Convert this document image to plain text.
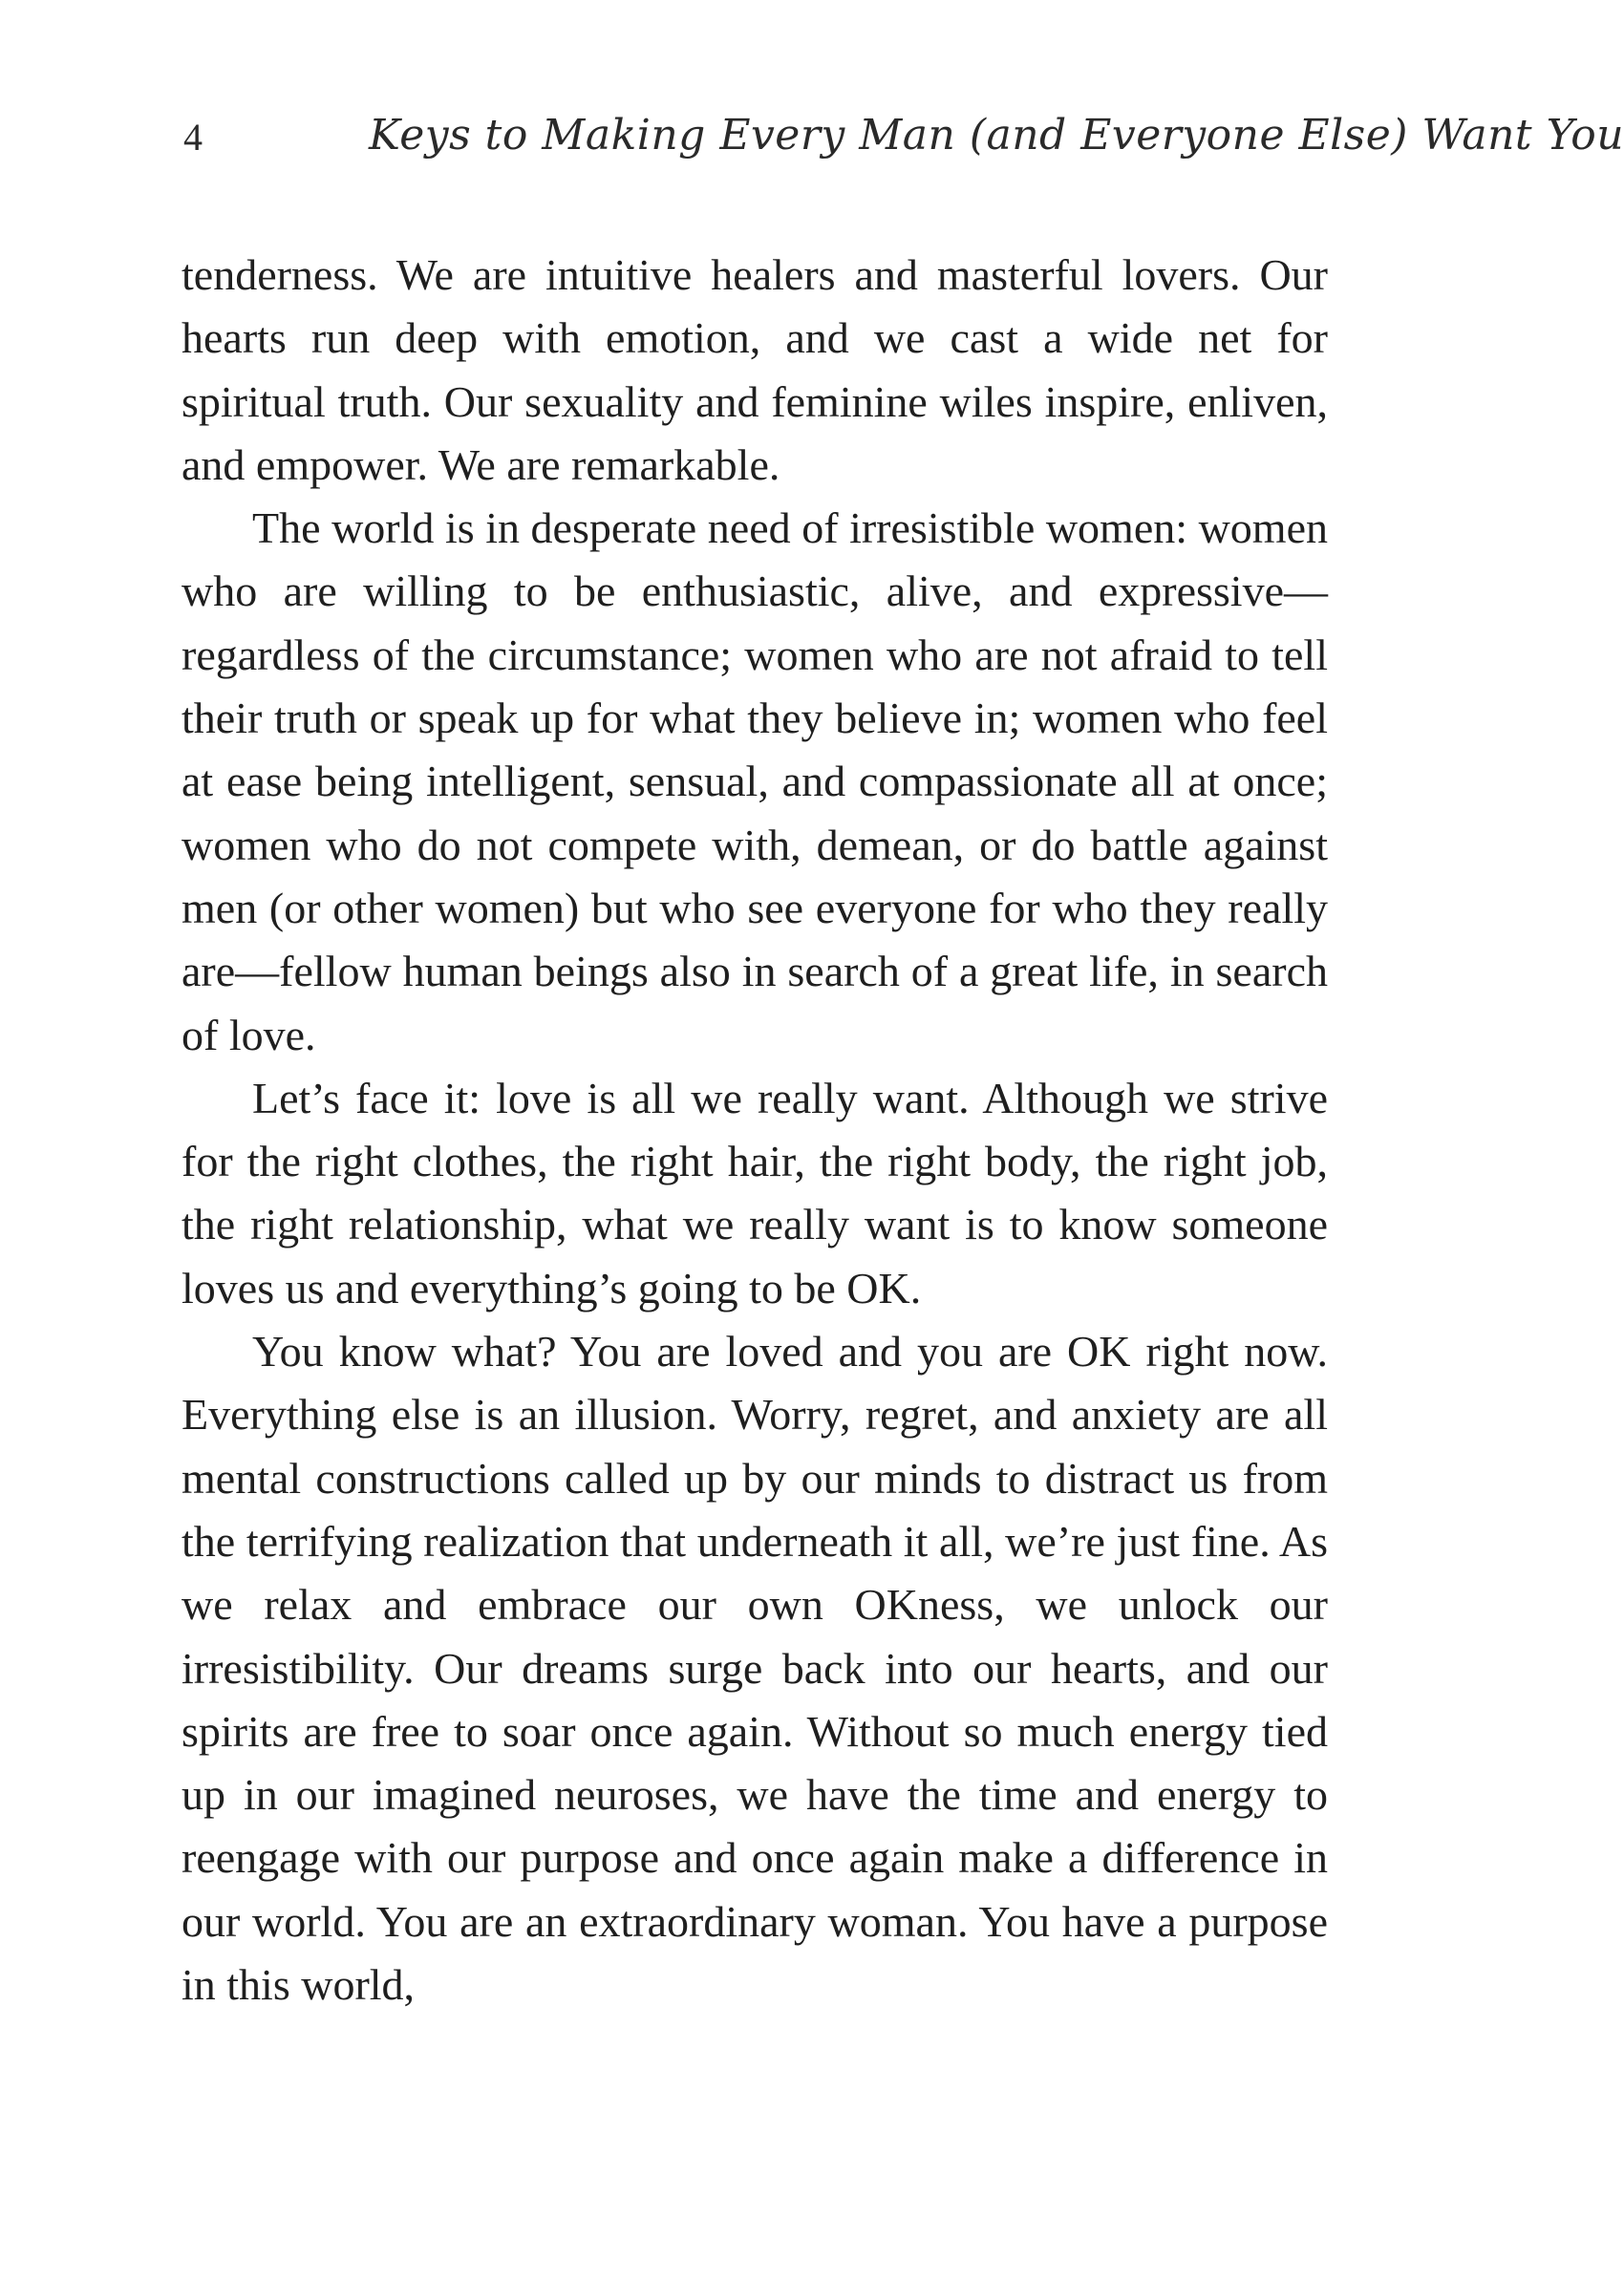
4	Keys to Making Every Man (and Everyone Else) Want You

tenderness. We are intuitive healers and masterful lovers. Our hearts run deep with emotion, and we cast a wide net for spiritual truth. Our sexuality and feminine wiles inspire, enliven, and empower. We are remarkable.

The world is in desperate need of irresistible women: women who are willing to be enthusiastic, alive, and expressive—regardless of the circumstance; women who are not afraid to tell their truth or speak up for what they believe in; women who feel at ease being intelligent, sensual, and compassionate all at once; women who do not compete with, demean, or do battle against men (or other women) but who see everyone for who they really are—fellow human beings also in search of a great life, in search of love.

Let’s face it: love is all we really want. Although we strive for the right clothes, the right hair, the right body, the right job, the right relationship, what we really want is to know someone loves us and everything’s going to be OK.

You know what? You are loved and you are OK right now. Everything else is an illusion. Worry, regret, and anxiety are all mental constructions called up by our minds to distract us from the terrifying realization that underneath it all, we’re just fine. As we relax and embrace our own OKness, we unlock our irresistibility. Our dreams surge back into our hearts, and our spirits are free to soar once again. Without so much energy tied up in our imagined neuroses, we have the time and energy to reengage with our purpose and once again make a difference in our world. You are an extraordinary woman. You have a purpose in this world,
